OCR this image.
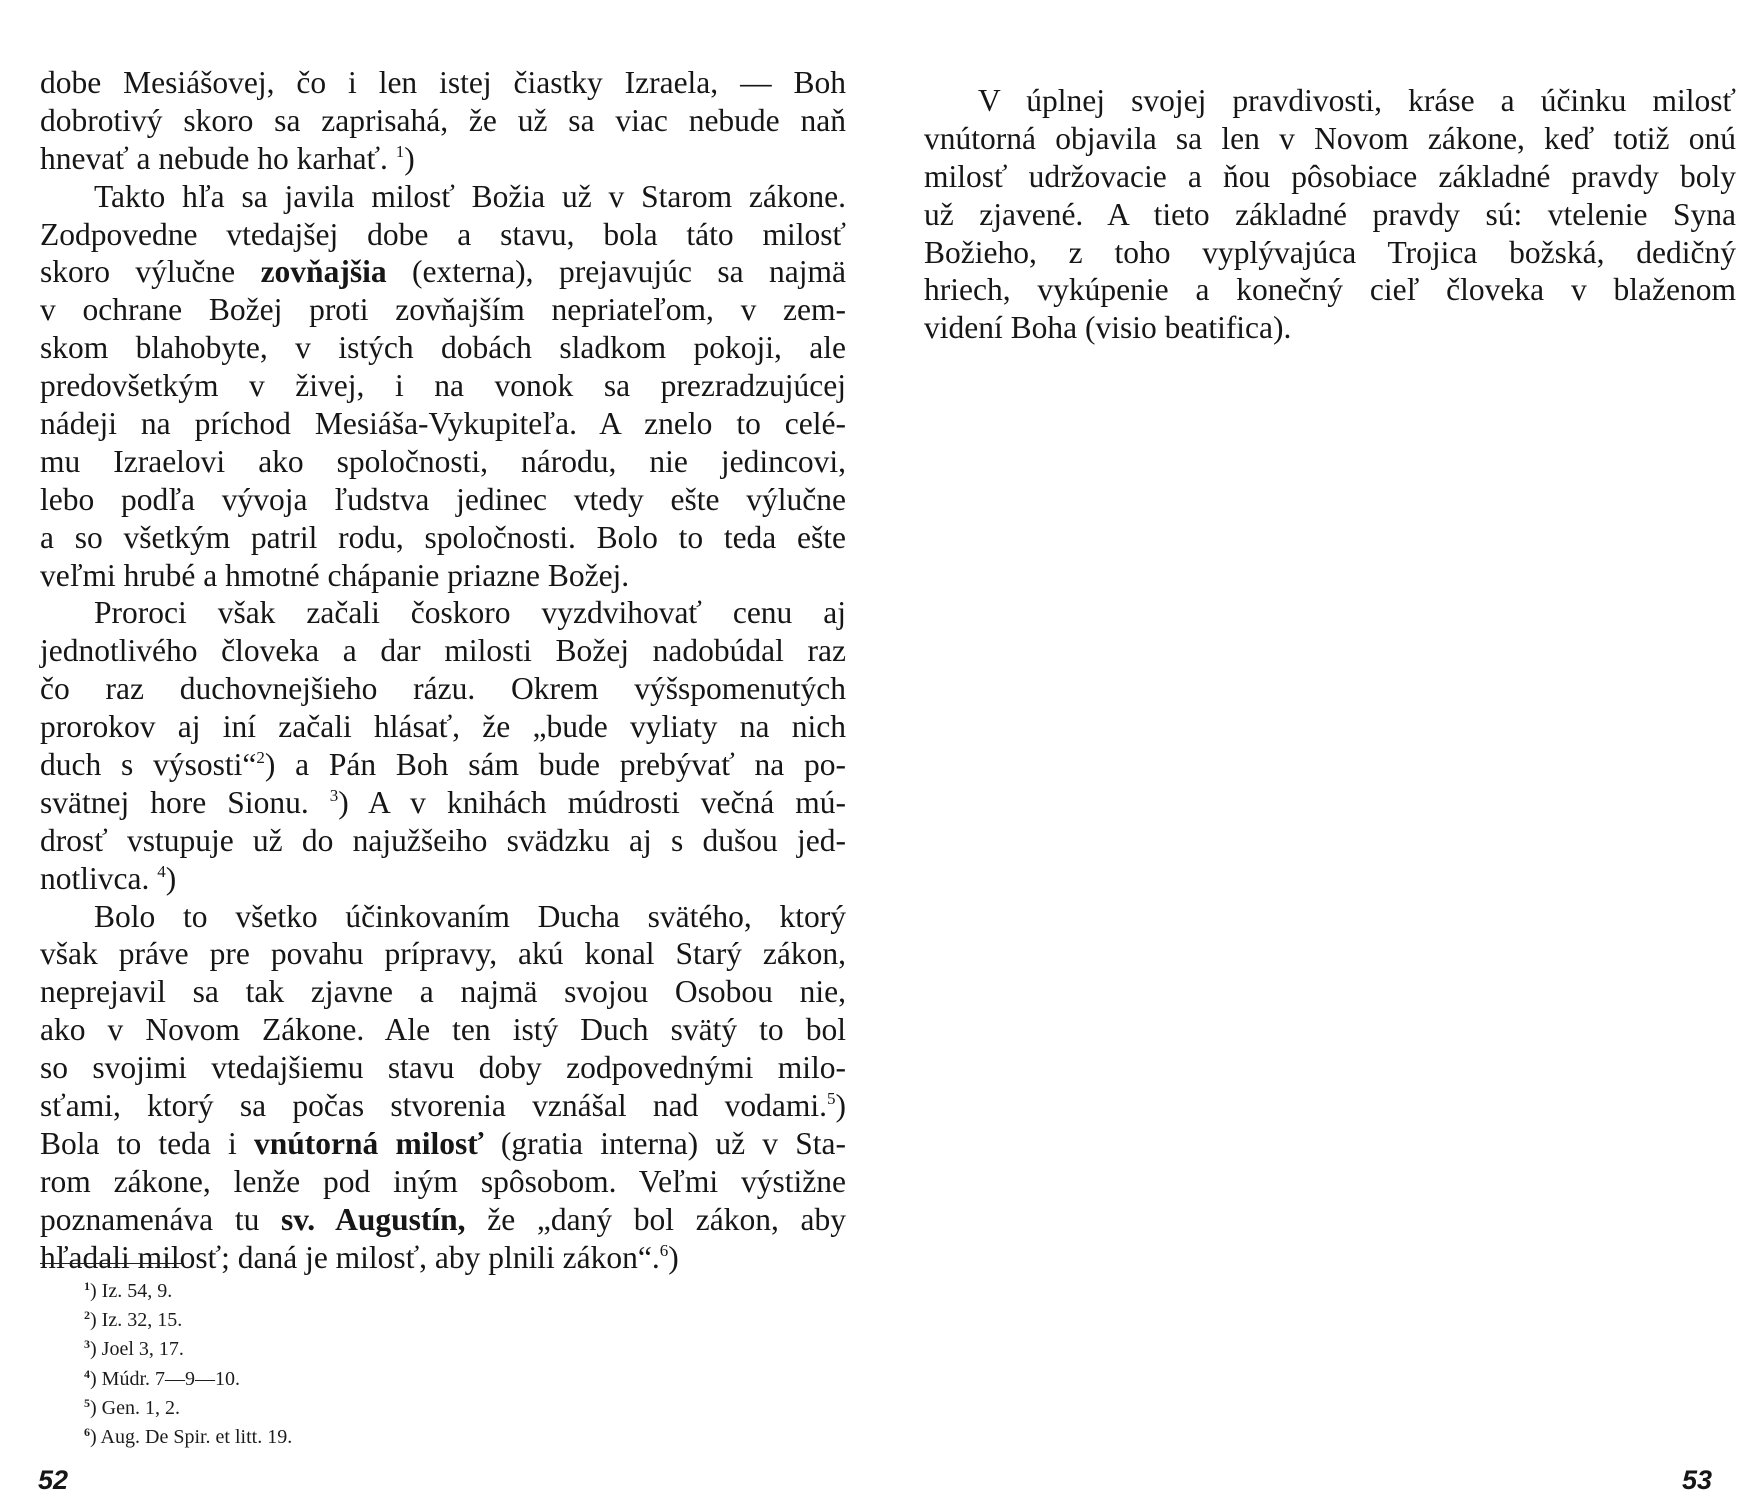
dobe Mesiášovej, čo i len istej čiastky Izraela, — Boh
dobrotivý skoro sa zaprisahá, že už sa viac nebude naň
hnevať a nebude ho karhať. $^1$)
Takto hľa sa javila milosť Božia už v Starom zákone.
Zodpovedne vtedajšej dobe a stavu, bola táto milosť
skoro výlučne zovňajšia (externa), prejavujúc sa najmä
v ochrane Božej proti zovňajším nepriateľom, v zem-
skom blahobyte, v istých dobách sladkom pokoji, ale
predovšetkým v živej, i na vonok sa prezradzujúcej
nádeji na príchod Mesiáša-Vykupiteľa. A znelo to celé-
mu Izraelovi ako spoločnosti, národu, nie jedincovi,
lebo podľa vývoja ľudstva jedinec vtedy ešte výlučne
a so všetkým patril rodu, spoločnosti. Bolo to teda ešte
veľmi hrubé a hmotné chápanie priazne Božej.
Proroci však začali čoskoro vyzdvihovať cenu aj
jednotlivého človeka a dar milosti Božej nadobúdal raz
čo raz duchovnejšieho rázu. Okrem výšspomenutých
prorokov aj iní začali hlásať, že „bude vyliaty na nich
duch s výsosti“$^2$) a Pán Boh sám bude prebývať na po-
svätnej hore Sionu. $^3$) A v knihách múdrosti večná mú-
drosť vstupuje už do najužšeiho svädzku aj s dušou jed-
notlivca. $^4$)
Bolo to všetko účinkovaním Ducha svätého, ktorý
však práve pre povahu prípravy, akú konal Starý zákon,
neprejavil sa tak zjavne a najmä svojou Osobou nie,
ako v Novom Zákone. Ale ten istý Duch svätý to bol
so svojimi vtedajšiemu stavu doby zodpovednými milo-
sťami, ktorý sa počas stvorenia vznášal nad vodami.$^5$)
Bola to teda i vnútorná milosť (gratia interna) už v Sta-
rom zákone, lenže pod iným spôsobom. Veľmi výstižne
poznamenáva tu sv. Augustín, že „daný bol zákon, aby
hľadali milosť; daná je milosť, aby plnili zákon“.$^6$)
$^1$) Iz. 54, 9.
$^2$) Iz. 32, 15.
$^3$) Joel 3, 17.
$^4$) Múdr. 7—9—10.
$^5$) Gen. 1, 2.
$^6$) Aug. De Spir. et litt. 19.
52
V úplnej svojej pravdivosti, kráse a účinku milosť
vnútorná objavila sa len v Novom zákone, keď totiž onú
milosť udržovacie a ňou pôsobiace základné pravdy boly
už zjavené. A tieto základné pravdy sú: vtelenie Syna
Božieho, z toho vyplývajúca Trojica božská, dedičný
hriech, vykúpenie a konečný cieľ človeka v blaženom
videní Boha (visio beatifica).
53
